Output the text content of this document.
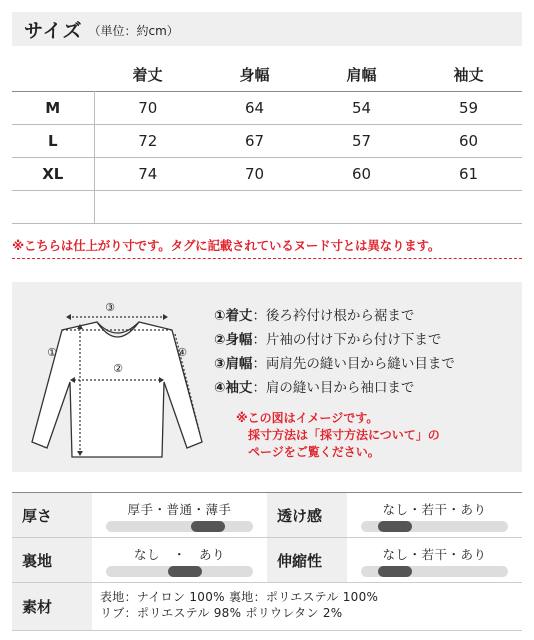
サイズ （単位：約cm）
	着丈	身幅	肩幅	袖丈
M	70	64	54	59
L	72	67	57	60
XL	74	70	60	61

※こちらは仕上がり寸です。タグに記載されているヌード寸とは異なります。
③
①
②
④
①着丈：後ろ衿付け根から裾まで
②身幅：片袖の付け下から付け下まで
③肩幅：両肩先の縫い目から縫い目まで
④袖丈：肩の縫い目から袖口まで
※この図はイメージです。
採寸方法は「採寸方法について」の
ページをご覧ください。
厚さ	厚手・普通・薄手	透け感	なし・若干・あり
裏地	なし　・　あり	伸縮性	なし・若干・あり
素材
表地：ナイロン 100% 裏地：ポリエステル 100%
リブ：ポリエステル 98% ポリウレタン 2%
